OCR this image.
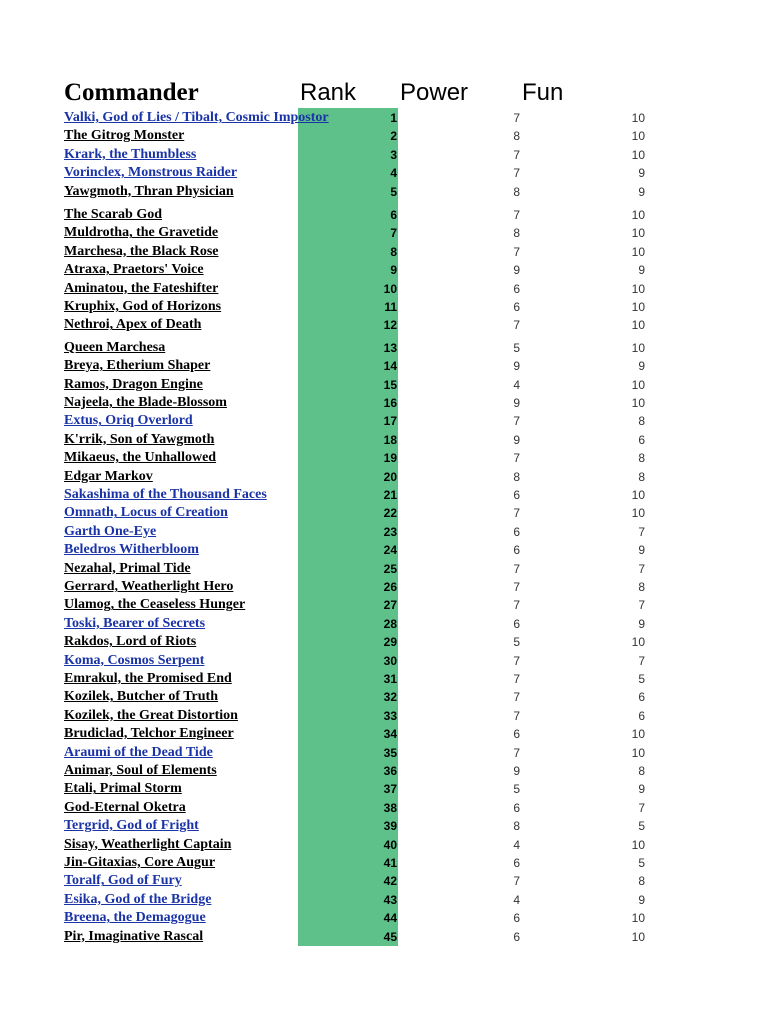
Commander	Rank Power Fun
Valki, God of Lies / Tibalt, Cosmic Impostor	1	7	10
The Gitrog Monster	2	8	10
Krark, the Thumbless	3	7	10
Vorinclex, Monstrous Raider	4	7	9
Yawgmoth, Thran Physician	5	8	9
The Scarab God	6	7	10
Muldrotha, the Gravetide	7	8	10
Marchesa, the Black Rose	8	7	10
Atraxa, Praetors' Voice	9	9	9
Aminatou, the Fateshifter	10	6	10
Kruphix, God of Horizons	11	6	10
Nethroi, Apex of Death	12	7	10
Queen Marchesa	13	5	10
Breya, Etherium Shaper	14	9	9
Ramos, Dragon Engine	15	4	10
Najeela, the Blade-Blossom	16	9	10
Extus, Oriq Overlord	17	7	8
K'rrik, Son of Yawgmoth	18	9	6
Mikaeus, the Unhallowed	19	7	8
Edgar Markov	20	8	8
Sakashima of the Thousand Faces	21	6	10
Omnath, Locus of Creation	22	7	10
Garth One-Eye	23	6	7
Beledros Witherbloom	24	6	9
Nezahal, Primal Tide	25	7	7
Gerrard, Weatherlight Hero	26	7	8
Ulamog, the Ceaseless Hunger	27	7	7
Toski, Bearer of Secrets	28	6	9
Rakdos, Lord of Riots	29	5	10
Koma, Cosmos Serpent	30	7	7
Emrakul, the Promised End	31	7	5
Kozilek, Butcher of Truth	32	7	6
Kozilek, the Great Distortion	33	7	6
Brudiclad, Telchor Engineer	34	6	10
Araumi of the Dead Tide	35	7	10
Animar, Soul of Elements	36	9	8
Etali, Primal Storm	37	5	9
God-Eternal Oketra	38	6	7
Tergrid, God of Fright	39	8	5
Sisay, Weatherlight Captain	40	4	10
Jin-Gitaxias, Core Augur	41	6	5
Toralf, God of Fury	42	7	8
Esika, God of the Bridge	43	4	9
Breena, the Demagogue	44	6	10
Pir, Imaginative Rascal	45	6	10
